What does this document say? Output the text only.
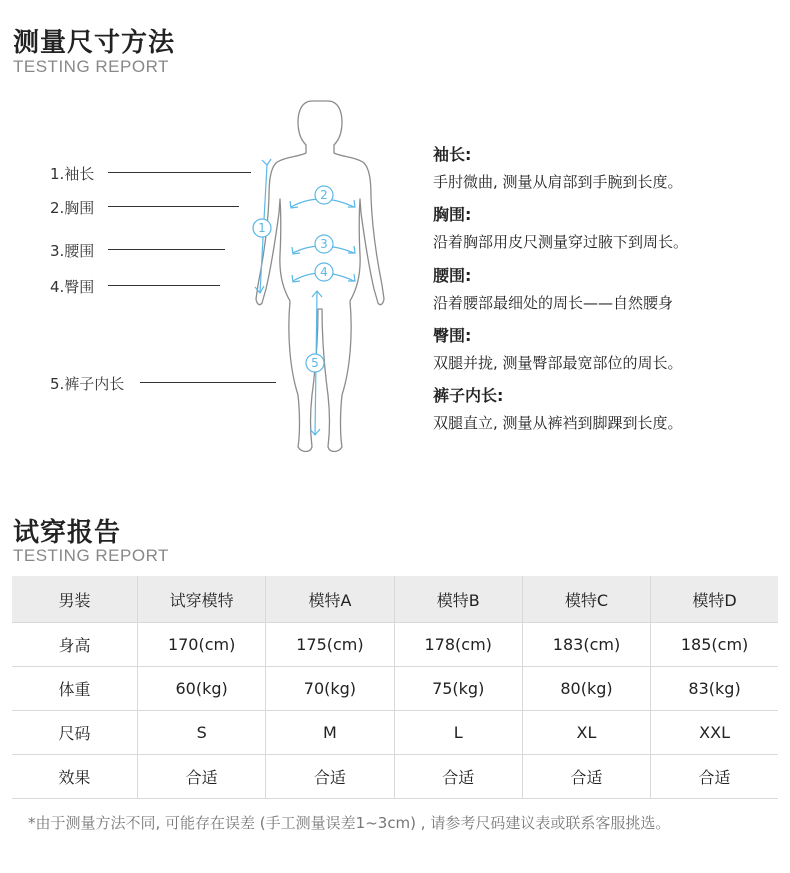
测量尺寸方法
TESTING REPORT
1.袖长
2.胸围
3.腰围
4.臀围
5.裤子内长
1
2
3
4
5
袖长:
手肘微曲, 测量从肩部到手腕到长度。
胸围:
沿着胸部用皮尺测量穿过腋下到周长。
腰围:
沿着腰部最细处的周长——自然腰身
臀围:
双腿并拢, 测量臀部最宽部位的周长。
裤子内长:
双腿直立, 测量从裤裆到脚踝到长度。
试穿报告
TESTING REPORT
男装	试穿模特	模特A	模特B	模特C	模特D
身高	170(cm)	175(cm)	178(cm)	183(cm)	185(cm)
体重	60(kg)	70(kg)	75(kg)	80(kg)	83(kg)
尺码	S	M	L	XL	XXL
效果	合适	合适	合适	合适	合适
*由于测量方法不同, 可能存在误差 (手工测量误差1~3cm) , 请参考尺码建议表或联系客服挑选。
